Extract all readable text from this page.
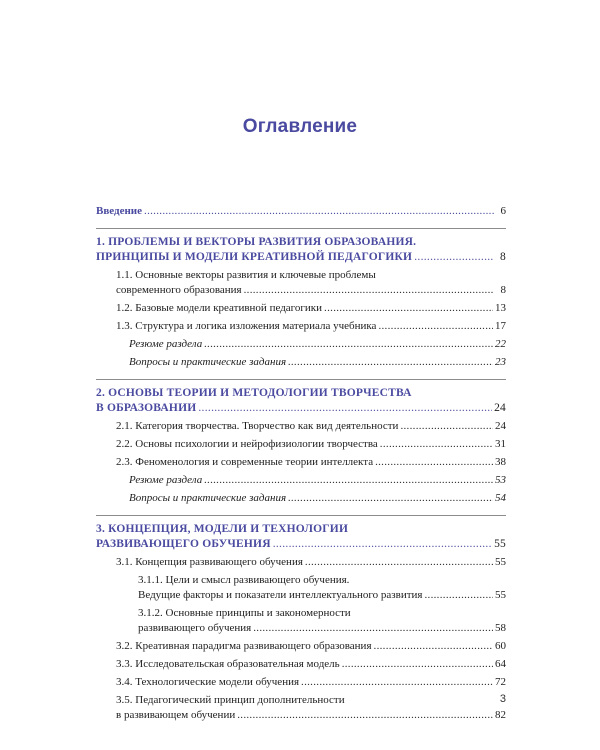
Оглавление
Введение .....	6
1. ПРОБЛЕМЫ И ВЕКТОРЫ РАЗВИТИЯ ОБРАЗОВАНИЯ.
ПРИНЦИПЫ И МОДЕЛИ КРЕАТИВНОЙ ПЕДАГОГИКИ .....	8
1.1. Основные векторы развития и ключевые проблемы
современного образования .....	8
1.2. Базовые модели креативной педагогики .....	13
1.3. Структура и логика изложения материала учебника .....	17
Резюме раздела .....	22
Вопросы и практические задания .....	23
2. ОСНОВЫ ТЕОРИИ И МЕТОДОЛОГИИ ТВОРЧЕСТВА
В ОБРАЗОВАНИИ .....	24
2.1. Категория творчества. Творчество как вид деятельности .....	24
2.2. Основы психологии и нейрофизиологии творчества .....	31
2.3. Феноменология и современные теории интеллекта .....	38
Резюме раздела .....	53
Вопросы и практические задания .....	54
3. КОНЦЕПЦИЯ, МОДЕЛИ И ТЕХНОЛОГИИ
РАЗВИВАЮЩЕГО ОБУЧЕНИЯ .....	55
3.1. Концепция развивающего обучения .....	55
3.1.1. Цели и смысл развивающего обучения.
Ведущие факторы и показатели интеллектуального развития .....	55
3.1.2. Основные принципы и закономерности
развивающего обучения .....	58
3.2. Креативная парадигма развивающего образования .....	60
3.3. Исследовательская образовательная модель .....	64
3.4. Технологические модели обучения .....	72
3.5. Педагогический принцип дополнительности
в развивающем обучении .....	82
3
